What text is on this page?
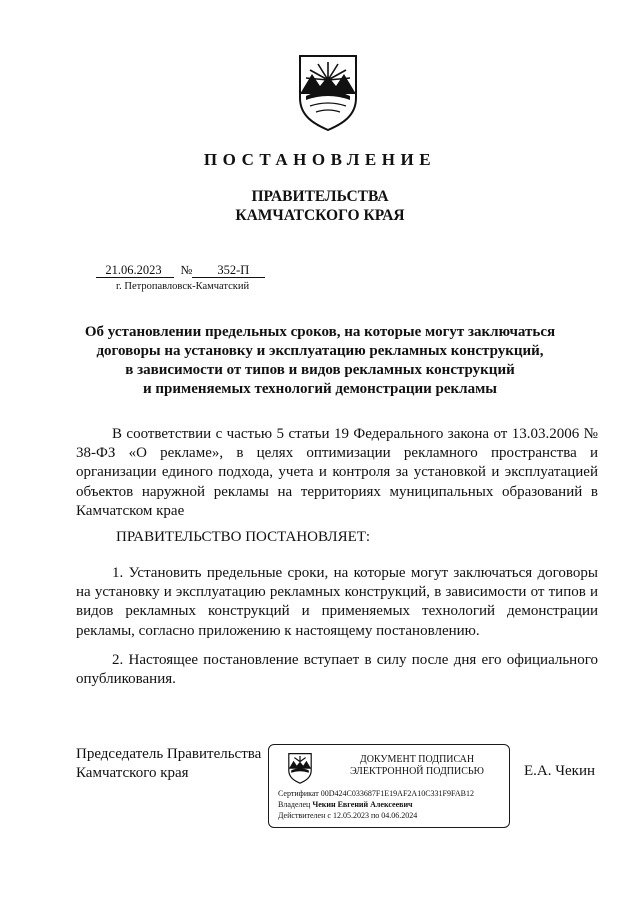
ПОСТАНОВЛЕНИЕ
ПРАВИТЕЛЬСТВА
КАМЧАТСКОГО КРАЯ
21.06.2023 № 352-П
г. Петропавловск-Камчатский
Об установлении предельных сроков, на которые могут заключаться
договоры на установку и эксплуатацию рекламных конструкций,
в зависимости от типов и видов рекламных конструкций
и применяемых технологий демонстрации рекламы
В соответствии с частью 5 статьи 19 Федерального закона от 13.03.2006 № 38-ФЗ «О рекламе», в целях оптимизации рекламного пространства и организации единого подхода, учета и контроля за установкой и эксплуатацией объектов наружной рекламы на территориях муниципальных образований в Камчатском крае
ПРАВИТЕЛЬСТВО ПОСТАНОВЛЯЕТ:
1. Установить предельные сроки, на которые могут заключаться договоры на установку и эксплуатацию рекламных конструкций, в зависимости от типов и видов рекламных конструкций и применяемых технологий демонстрации рекламы, согласно приложению к настоящему постановлению.
2. Настоящее постановление вступает в силу после дня его официального опубликования.
Председатель Правительства
Камчатского края
ДОКУМЕНТ ПОДПИСАН
ЭЛЕКТРОННОЙ ПОДПИСЬЮ
Сертификат 00D424C033687F1E19AF2A10C331F9FAB12
Владелец Чекин Евгений Алексеевич
Действителен с 12.05.2023 по 04.06.2024
Е.А. Чекин
